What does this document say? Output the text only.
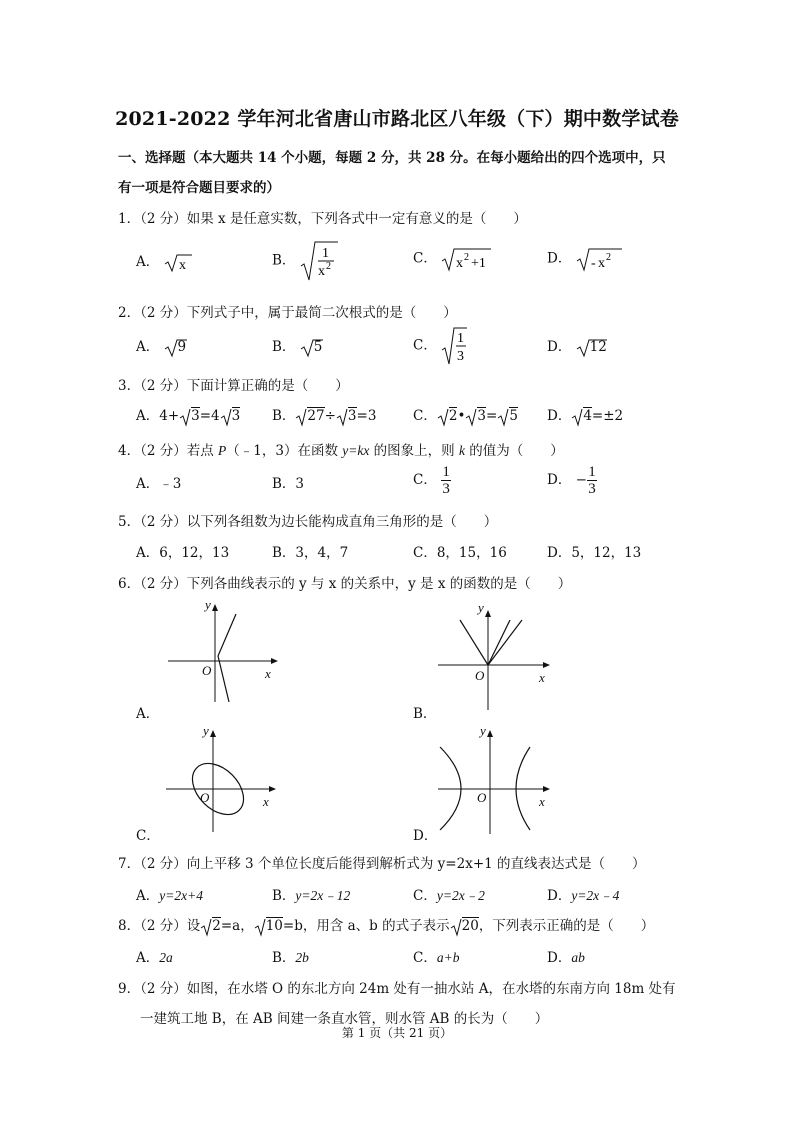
2021-2022 学年河北省唐山市路北区八年级（下）期中数学试卷
一、选择题（本大题共 14 个小题，每题 2 分，共 28 分。在每小题给出的四个选项中，只
有一项是符合题目要求的）
1．（2 分）如果 x 是任意实数，下列各式中一定有意义的是（　　）
A． x	B． 1
x 2	C． x 2 +1	D． - x 2
2．（2 分）下列式子中，属于最简二次根式的是（　　）
A． 9	B． 5	C． 1
3
D． 12
3．（2 分）下面计算正确的是（　　）
A．4+ 3=4 3 B． 27÷ 3=3	C． 2• 3= 5 D． 4=±2
4．（2 分）若点 P（﹣1，3）在函数 y=kx 的图象上，则 k 的值为（　　）
A．﹣3	B．3	C． $\frac{1}{3}$	D． − $\frac{1}{3}$
5．（2 分）以下列各组数为边长能构成直角三角形的是（　　）
A．6，12，13	B．3，4，7	C．8，15，16	D．5，12，13
6．（2 分）下列各曲线表示的 y 与 x 的关系中，y 是 x 的函数的是（　　）
y
x
O
A．
y
x
O
B．
y
x
O
C．
y
x
O
D．
7．（2 分）向上平移 3 个单位长度后能得到解析式为 y=2x+1 的直线表达式是（　　）
A．y=2x+4	B．y=2x﹣12	C．y=2x﹣2	D．y=2x﹣4
8．（2 分）设 2=a， 10=b，用含 a、b 的式子表示 20，下列表示正确的是（　　）
A．2a	B．2b	C．a+b	D．ab
9．（2 分）如图，在水塔 O 的东北方向 24m 处有一抽水站 A，在水塔的东南方向 18m 处有
一建筑工地 B，在 AB 间建一条直水管，则水管 AB 的长为（　　）
第 1 页（共 21 页）
